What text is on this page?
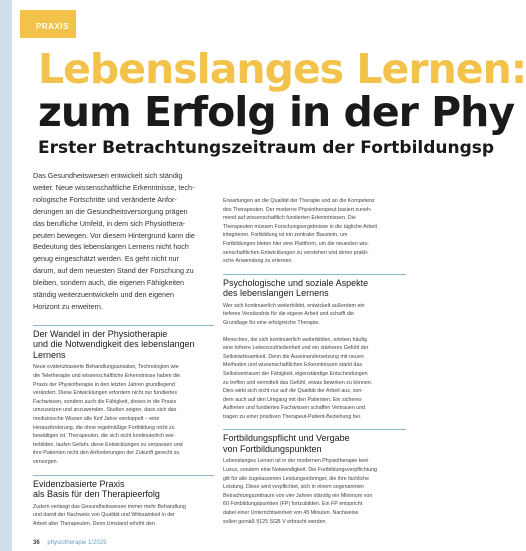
PRAXIS
Lebenslanges Lernen:
zum Erfolg in der Phy
Erster Betrachtungszeitraum der Fortbildungsp

Das Gesundheitswesen entwickelt sich ständig

weiter. Neue wissenschaftliche Erkenntnisse, tech-

nologische Fortschritte und veränderte Anfor-

derungen an die Gesundheitsversorgung prägen

das berufliche Umfeld, in dem sich Physiothera-

peuten bewegen. Vor diesem Hintergrund kann die

Bedeutung des lebenslangen Lernens nicht hoch

genug eingeschätzt werden. Es geht nicht nur

darum, auf dem neuesten Stand der Forschung zu

bleiben, sondern auch, die eigenen Fähigkeiten

ständig weiterzuentwickeln und den eigenen

Horizont zu erweitern.

Der Wandel in der Physiotherapie
und die Notwendigkeit des lebenslangen
Lernens

Neue evidenzbasierte Behandlungsansätze, Technologien wie

die Teletherapie und wissenschaftliche Erkenntnisse haben die

Praxis der Physiotherapie in den letzten Jahren grundlegend

verändert. Diese Entwicklungen erfordern nicht nur fundiertes

Fachwissen, sondern auch die Fähigkeit, dieses in die Praxis

umzusetzen und anzuwenden. Studien zeigen, dass sich das

medizinische Wissen alle fünf Jahre verdoppelt – eine

Herausforderung, die ohne regelmäßige Fortbildung nicht zu

bewältigen ist. Therapeuten, die sich nicht kontinuierlich wei-

terbilden, laufen Gefahr, diese Entwicklungen zu verpassen und

ihre Patienten nicht den Anforderungen der Zukunft gerecht zu

versorgen.

Evidenzbasierte Praxis
als Basis für den Therapieerfolg

Zudem verlangt das Gesundheitswesen immer mehr Behandlung

und damit der Nachweis von Qualität und Wirksamkeit in der

Arbeit aller Therapeuten. Denn Umstand erhöht den

Erwartungen an die Qualität der Therapie und an die Kompetenz

des Therapeuten. Der moderne Physiotherapeut basiert zuneh-

mend auf wissenschaftlich fundierten Erkenntnissen. Die

Therapeuten müssen Forschungsergebnisse in die tägliche Arbeit

integrieren. Fortbildung ist ein zentraler Baustein, um

Fortbildungen bieten hier eine Plattform, um die neuesten wis-

senschaftlichen Entwicklungen zu verstehen und deren prakti-

sche Anwendung zu erlernen.

Psychologische und soziale Aspekte
des lebenslangen Lernens

Wer sich kontinuierlich weiterbildet, entwickelt außerdem ein

tieferes Verständnis für die eigene Arbeit und schafft die

Grundlage für eine erfolgreiche Therapie.

Menschen, die sich kontinuierlich weiterbilden, erleben häufig

eine höhere Lebenszufriedenheit und ein stärkeres Gefühl der

Selbstwirksamkeit. Denn die Auseinandersetzung mit neuen

Methoden und wissenschaftlichen Erkenntnissen stärkt das

Selbstvertrauen der Fähigkeit, eigenständige Entscheidungen

zu treffen und vermittelt das Gefühl, etwas bewirken zu können.

Dies wirkt sich nicht nur auf die Qualität der Arbeit aus, son-

dern auch auf den Umgang mit den Patienten. Ein sicheres

Auftreten und fundiertes Fachwissen schaffen Vertrauen und

tragen zu einer positiven Therapeut-Patient-Beziehung bei.

Fortbildungspflicht und Vergabe
von Fortbildungspunkten

Lebenslanges Lernen ist in der modernen Physiotherapie kein

Luxus, sondern eine Notwendigkeit. Die Fortbildungsverpflichtung

gilt für alle zugelassenen Leistungserbringer, die ihre fachliche

Leistung. Diese wird verpflichtet, sich in einem sogenannten

Betrachtungszeitraum von vier Jahren ständig ein Minimum von

60 Fortbildungspunkten (FP) fortzubilden. Ein FP entspricht

dabei einer Unterrichtseinheit von 45 Minuten. Nachweise

sollen gemäß §125 SGB V erbracht werden.

36 physiotherapie 1/2025
